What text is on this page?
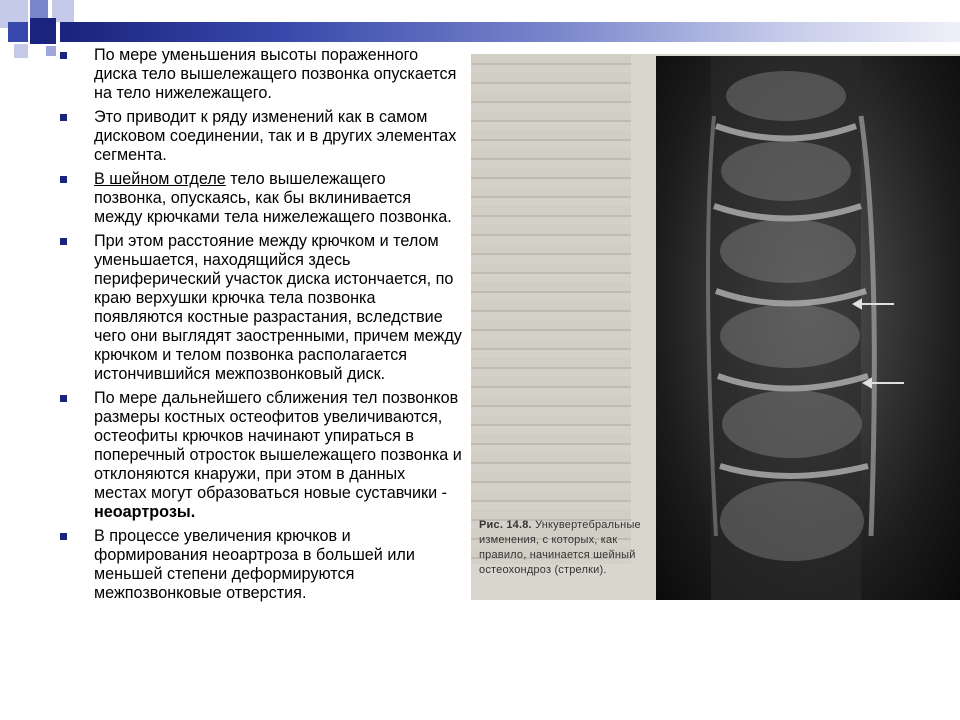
По мере уменьшения высоты пораженного диска тело вышележащего позвонка опускается на тело нижележащего.
Это приводит к ряду изменений как в самом дисковом соединении, так и в других элементах сегмента.
В шейном отделе тело вышележащего позвонка, опускаясь, как бы вклинивается между крючками тела нижележащего позвонка.
При этом расстояние между крючком и телом уменьшается, находящийся здесь периферический участок диска истончается, по краю верхушки крючка тела позвонка появляются костные разрастания, вследствие чего они выглядят заостренными, причем между крючком и телом позвонка располагается истончившийся межпозвонковый диск.
По мере дальнейшего сближения тел позвонков размеры костных остеофитов увеличиваются, остеофиты крючков начинают упираться в поперечный отросток вышележащего позвонка и отклоняются кнаружи, при этом в данных местах могут образоваться новые суставчики - неоартрозы.
В процессе увеличения крючков и формирования неоартроза в большей или меньшей степени деформируются межпозвонковые отверстия.
Рис. 14.8. Ункувертебральные изменения, с которых, как правило, начинается шейный остеохондроз (стрелки).
